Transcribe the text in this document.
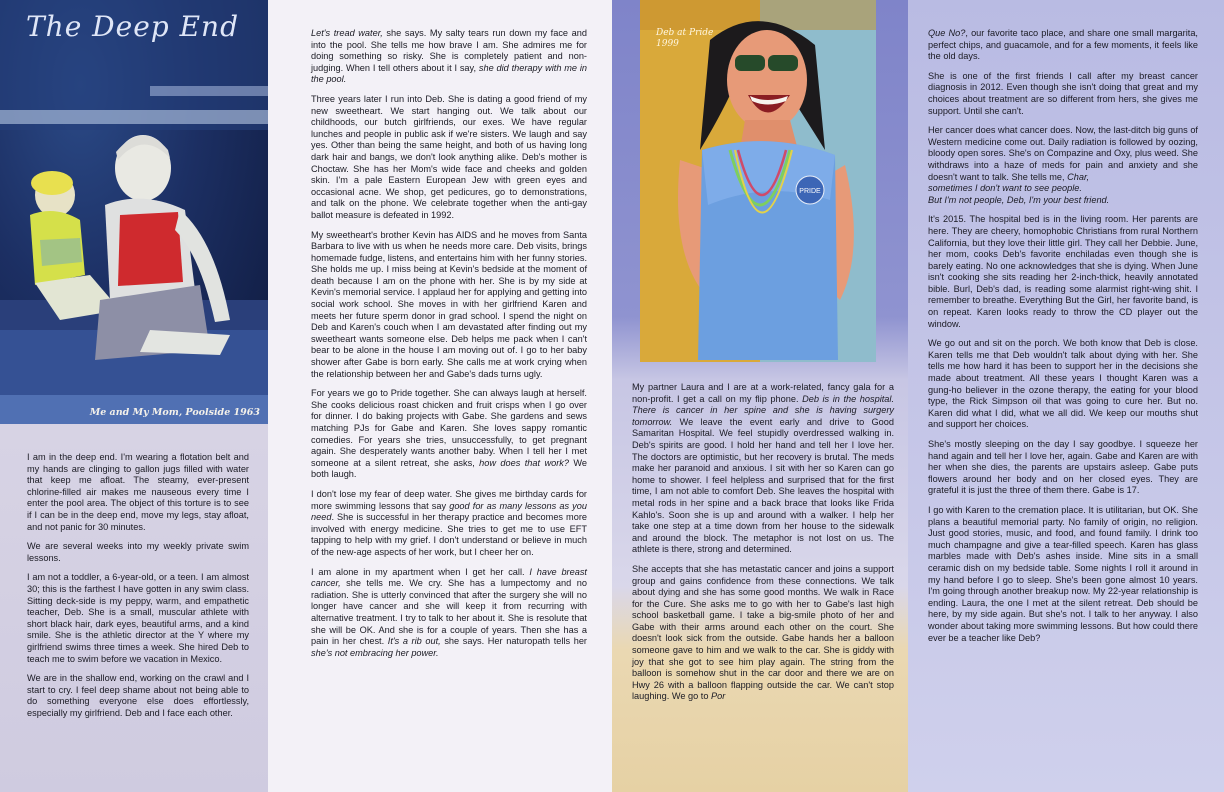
The Deep End
Me and My Mom, Poolside 1963
PRIDE
Deb at Pride
1999

I am in the deep end. I'm wearing a flotation belt and my hands are clinging to gallon jugs filled with water that keep me afloat. The steamy, ever-present chlorine-filled air makes me nauseous every time I enter the pool area. The object of this torture is to see if I can be in the deep end, move my legs, stay afloat, and not panic for 30 minutes.

We are several weeks into my weekly private swim lessons.

I am not a toddler, a 6-year-old, or a teen. I am almost 30; this is the farthest I have gotten in any swim class. Sitting deck-side is my peppy, warm, and empathetic teacher, Deb. She is a small, muscular athlete with short black hair, dark eyes, beautiful arms, and a kind smile. She is the athletic director at the Y where my girlfriend swims three times a week. She hired Deb to teach me to swim before we vacation in Mexico.

We are in the shallow end, working on the crawl and I start to cry. I feel deep shame about not being able to do something everyone else does effortlessly, especially my girlfriend. Deb and I face each other.

Let's tread water, she says. My salty tears run down my face and into the pool. She tells me how brave I am. She admires me for doing something so risky. She is completely patient and non-judging. When I tell others about it I say, she did therapy with me in the pool.

Three years later I run into Deb. She is dating a good friend of my new sweetheart. We start hanging out. We talk about our childhoods, our butch girlfriends, our exes. We have regular lunches and people in public ask if we're sisters. We laugh and say yes. Other than being the same height, and both of us having long dark hair and bangs, we don't look anything alike. Deb's mother is Choctaw. She has her Mom's wide face and cheeks and golden skin. I'm a pale Eastern European Jew with green eyes and occasional acne. We shop, get pedicures, go to demonstrations, and talk on the phone. We celebrate together when the anti-gay ballot measure is defeated in 1992.

My sweetheart's brother Kevin has AIDS and he moves from Santa Barbara to live with us when he needs more care. Deb visits, brings homemade fudge, listens, and entertains him with her funny stories. She holds me up. I miss being at Kevin's bedside at the moment of death because I am on the phone with her. She is by my side at Kevin's memorial service. I applaud her for applying and getting into social work school. She moves in with her girlfriend Karen and meets her future sperm donor in grad school. I spend the night on Deb and Karen's couch when I am devastated after finding out my sweetheart wants someone else. Deb helps me pack when I can't bear to be alone in the house I am moving out of. I go to her baby shower after Gabe is born early. She calls me at work crying when the relationship between her and Gabe's dads turns ugly.

For years we go to Pride together. She can always laugh at herself. She cooks delicious roast chicken and fruit crisps when I go over for dinner. I do baking projects with Gabe. She gardens and sews matching PJs for Gabe and Karen. She loves sappy romantic comedies. For years she tries, unsuccessfully, to get pregnant again. She desperately wants another baby. When I tell her I met someone at a silent retreat, she asks, how does that work? We both laugh.

I don't lose my fear of deep water. She gives me birthday cards for more swimming lessons that say good for as many lessons as you need. She is successful in her therapy practice and becomes more involved with energy medicine. She tries to get me to use EFT tapping to help with my grief. I don't understand or believe in much of the new-age aspects of her work, but I cheer her on.

I am alone in my apartment when I get her call. I have breast cancer, she tells me. We cry. She has a lumpectomy and no radiation. She is utterly convinced that after the surgery she will no longer have cancer and she will keep it from recurring with alternative treatment. I try to talk to her about it. She is resolute that she will be OK. And she is for a couple of years. Then she has a pain in her chest. It's a rib out, she says. Her naturopath tells her she's not embracing her power.

My partner Laura and I are at a work-related, fancy gala for a non-profit. I get a call on my flip phone. Deb is in the hospital. There is cancer in her spine and she is having surgery tomorrow. We leave the event early and drive to Good Samaritan Hospital. We feel stupidly overdressed walking in. Deb's spirits are good. I hold her hand and tell her I love her. The doctors are optimistic, but her recovery is brutal. The meds make her paranoid and anxious. I sit with her so Karen can go home to shower. I feel helpless and surprised that for the first time, I am not able to comfort Deb. She leaves the hospital with metal rods in her spine and a back brace that looks like Frida Kahlo's. Soon she is up and around with a walker. I help her take one step at a time down from her house to the sidewalk and around the block. The metaphor is not lost on us. The athlete is there, strong and determined.

She accepts that she has metastatic cancer and joins a support group and gains confidence from these connections. We talk about dying and she has some good months. We walk in Race for the Cure. She asks me to go with her to Gabe's last high school basketball game. I take a big-smile photo of her and Gabe with their arms around each other on the court. She doesn't look sick from the outside. Gabe hands her a balloon someone gave to him and we walk to the car. She is giddy with joy that she got to see him play again. The string from the balloon is somehow shut in the car door and there we are on Hwy 26 with a balloon flapping outside the car. We can't stop laughing. We go to Por

Que No?, our favorite taco place, and share one small margarita, perfect chips, and guacamole, and for a few moments, it feels like the old days.

She is one of the first friends I call after my breast cancer diagnosis in 2012. Even though she isn't doing that great and my choices about treatment are so different from hers, she gives me support. Until she can't.

Her cancer does what cancer does. Now, the last-ditch big guns of Western medicine come out. Daily radiation is followed by oozing, bloody open sores. She's on Compazine and Oxy, plus weed. She withdraws into a haze of meds for pain and anxiety and she doesn't want to talk. She tells me, Char,
sometimes I don't want to see people.
But I'm not people, Deb, I'm your best friend.

It's 2015. The hospital bed is in the living room. Her parents are here. They are cheery, homophobic Christians from rural Northern California, but they love their little girl. They call her Debbie. June, her mom, cooks Deb's favorite enchiladas even though she is barely eating. No one acknowledges that she is dying. When June isn't cooking she sits reading her 2-inch-thick, heavily annotated bible. Burl, Deb's dad, is reading some alarmist right-wing shit. I remember to breathe. Everything But the Girl, her favorite band, is on repeat. Karen looks ready to throw the CD player out the window.

We go out and sit on the porch. We both know that Deb is close. Karen tells me that Deb wouldn't talk about dying with her. She tells me how hard it has been to support her in the decisions she made about treatment. All these years I thought Karen was a gung-ho believer in the ozone therapy, the eating for your blood type, the Rick Simpson oil that was going to cure her. But no. Karen did what I did, what we all did. We keep our mouths shut and support her choices.

She's mostly sleeping on the day I say goodbye. I squeeze her hand again and tell her I love her, again. Gabe and Karen are with her when she dies, the parents are upstairs asleep. Gabe puts flowers around her body and on her closed eyes. They are grateful it is just the three of them there. Gabe is 17.

I go with Karen to the cremation place. It is utilitarian, but OK. She plans a beautiful memorial party. No family of origin, no religion. Just good stories, music, and food, and found family. I drink too much champagne and give a tear-filled speech. Karen has glass marbles made with Deb's ashes inside. Mine sits in a small ceramic dish on my bedside table. Some nights I roll it around in my hand before I go to sleep. She's been gone almost 10 years. I'm going through another breakup now. My 22-year relationship is ending. Laura, the one I met at the silent retreat. Deb should be here, by my side again. But she's not. I talk to her anyway. I also wonder about taking more swimming lessons. But how could there ever be a teacher like Deb?
